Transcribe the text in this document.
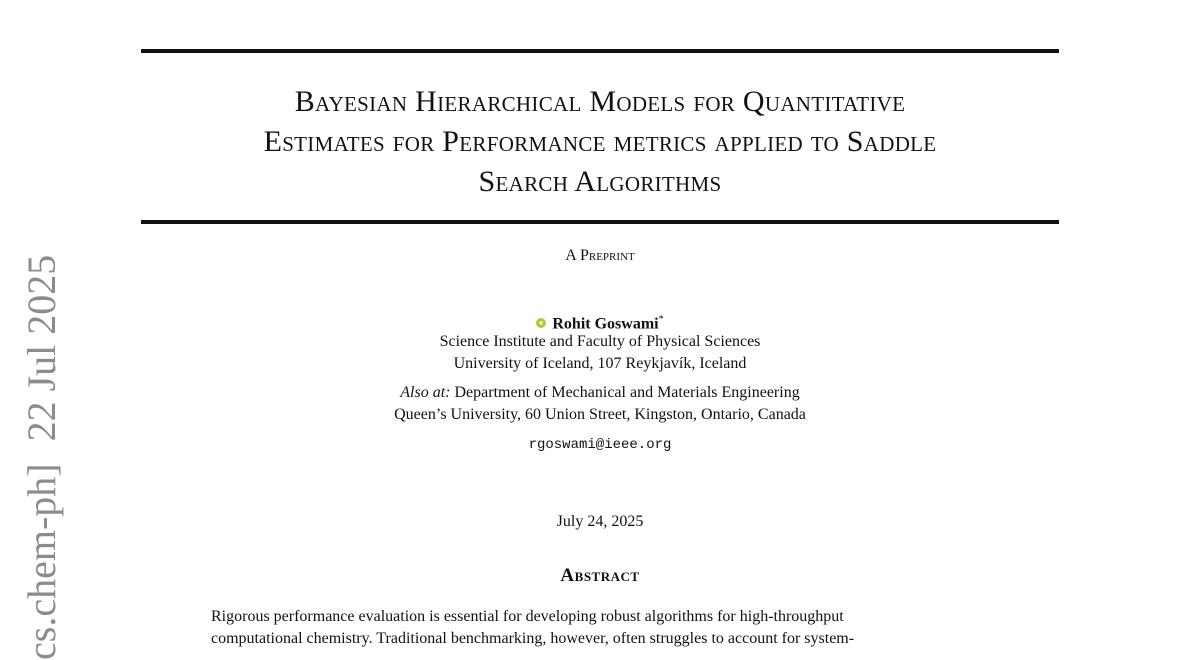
cs.chem-ph]22 Jul 2025
Bayesian Hierarchical Models for Quantitative
Estimates for Performance metrics applied to Saddle
Search Algorithms
A Preprint
Rohit Goswami*
Science Institute and Faculty of Physical Sciences
University of Iceland, 107 Reykjavík, Iceland
Also at: Department of Mechanical and Materials Engineering
Queen’s University, 60 Union Street, Kingston, Ontario, Canada
rgoswami@ieee.org
July 24, 2025
Abstract
Rigorous performance evaluation is essential for developing robust algorithms for high-throughput
computational chemistry. Traditional benchmarking, however, often struggles to account for system-
